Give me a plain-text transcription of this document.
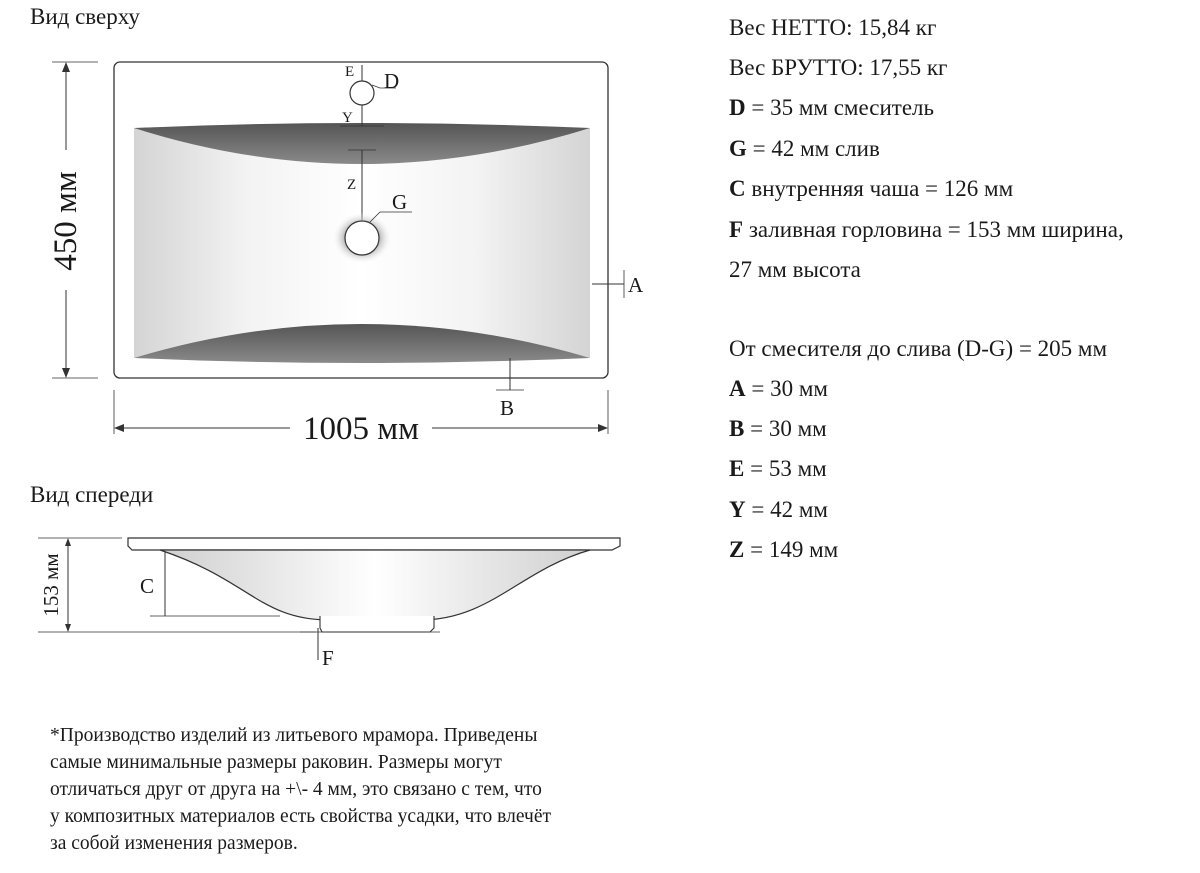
Вид сверху
Вид спереди
E D
Y
Z
G
A
B
450 мм
1005 мм
C
F
153 мм
Вес НЕТТО: 15,84 кг
Вес БРУТТО: 17,55 кг
D = 35 мм смеситель
G = 42 мм слив
C внутренняя чаша = 126 мм
F заливная горловина = 153 мм ширина,
27 мм высота
От смесителя до слива (D-G) = 205 мм
A = 30 мм
B = 30 мм
E = 53 мм
Y = 42 мм
Z = 149 мм
*Производство изделий из литьевого мрамора. Приведены
самые минимальные размеры раковин. Размеры могут
отличаться друг от друга на +\- 4 мм, это связано с тем, что
у композитных материалов есть свойства усадки, что влечёт
за собой изменения размеров.
